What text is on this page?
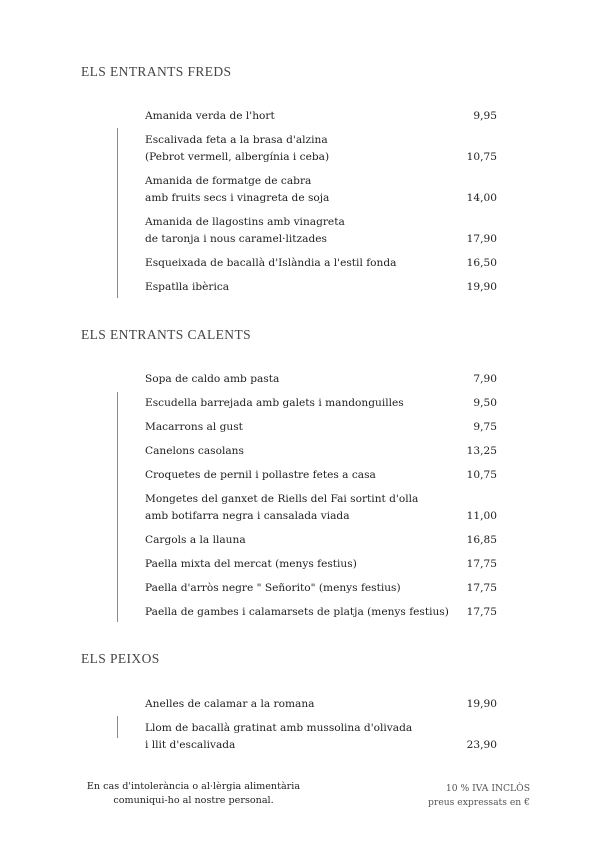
ELS ENTRANTS FREDS
ELS ENTRANTS CALENTS
ELS PEIXOS
Amanida verda de l'hort	9,95
Escalivada feta a la brasa d'alzina
(Pebrot vermell, albergínia i ceba)	10,75
Amanida de formatge de cabra
amb fruits secs i vinagreta de soja	14,00
Amanida de llagostins amb vinagreta
de taronja i nous caramel·litzades	17,90
Esqueixada de bacallà d'Islàndia a l'estil fonda	16,50
Espatlla ibèrica	19,90
Sopa de caldo amb pasta	7,90
Escudella barrejada amb galets i mandonguilles	9,50
Macarrons al gust	9,75
Canelons casolans	13,25
Croquetes de pernil i pollastre fetes a casa	10,75
Mongetes del ganxet de Riells del Fai sortint d'olla
amb botifarra negra i cansalada viada	11,00
Cargols a la llauna	16,85
Paella mixta del mercat (menys festius)	17,75
Paella d'arròs negre " Señorito" (menys festius)	17,75
Paella de gambes i calamarsets de platja (menys festius)	17,75
Anelles de calamar a la romana	19,90
Llom de bacallà gratinat amb mussolina d'olivada
i llit d'escalivada	23,90
En cas d'intolerància o al·lèrgia alimentària
comuniqui-ho al nostre personal.
10 % IVA INCLÒS
preus expressats en €
